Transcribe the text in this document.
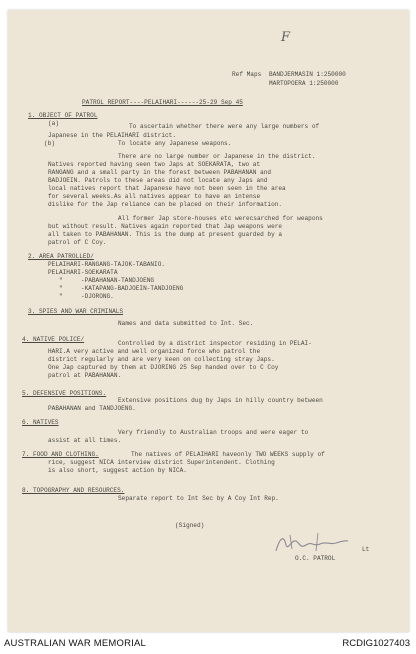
F
Ref Maps BANDJERMASIN 1:250000
MARTOPOERA 1:250000
PATROL REPORT----PELAIHARI------25-29 Sep 45
1. OBJECT OF PATROL
(a)	To ascertain whether there were any large numbers of
Japanese in the PELAIHARI district.
(b)	To locate any Japanese weapons.
There are no large number or Japanese in the district.
Natives reported having seen two Japs at SOEKARATA, two at
RANGANG and a small party in the forest between PABAHANAN and
BADJOEIN. Patrols to these areas did not locate any Japs and
local natives report that Japanese have not been seen in the area
for several weeks.As all natives appear to have an intense
dislike for the Jap reliance can be placed on their information.
All former Jap store-houses etc werecsarched for weapons
but without result. Natives again reported that Jap weapons were
all taken to PABAHANAN. This is the dump at present guarded by a
patrol of C Coy.
2. AREA PATROLLED/
PELAIHARI-RANGANG-TAJOK-TABANIO.
PELAIHARI-SOEKARATA
"     -PABAHANAN-TANDJOENG
"     -KATAPANG-BADJOEIN-TANDJOENG
"     -DJORONG.
3. SPIES AND WAR CRIMINALS
Names and data submitted to Int. Sec.
4. NATIVE POLICE/
Controlled by a district inspector residing in PELAI-
HARI.A very active and well organized force who patrol the
district regularly and are very keen on collecting stray Japs.
One Jap captured by them at DJORING 25 Sep handed over to C Coy
patrol at PABAHANAN.
5. DEFENSIVE POSITIONS.
Extensive positions dug by Japs in hilly country between
PABAHANAN and TANDJOENG.
6. NATIVES
Very friendly to Australian troops and were eager to
assist at all times.
7. FOOD AND CLOTHING.	The natives of PELAIHARI haveonly TWO WEEKS supply of
rice, suggest NICA interview district Superintendent. Clothing
is also short, suggest action by NICA.
8. TOPOGRAPHY AND RESOURCES.
Separate report to Int Sec by A Coy Int Rep.
(Signed)
Lt
O.C. PATROL
AUSTRALIAN WAR MEMORIAL	RCDIG1027403
